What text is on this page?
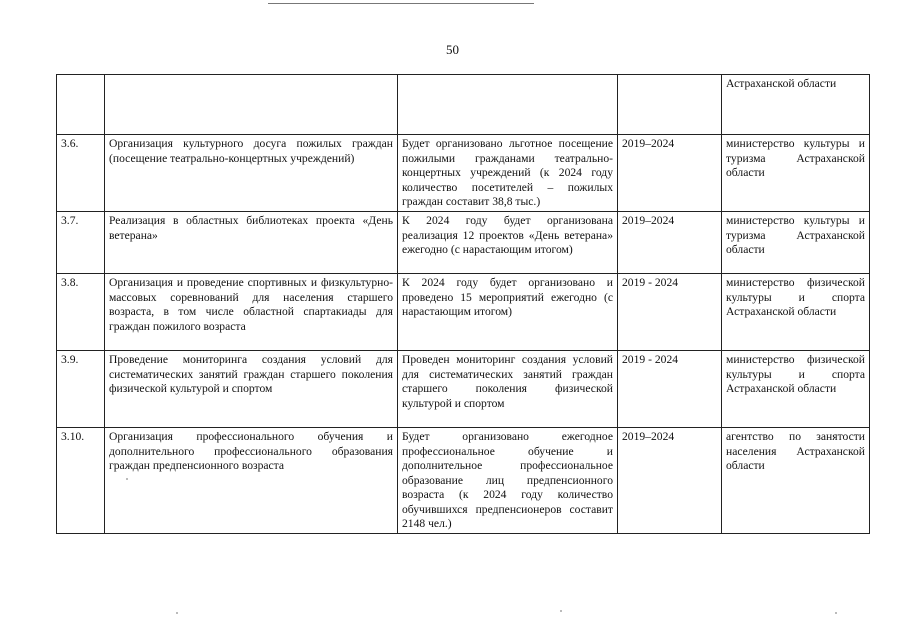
50
				Астраханской области
3.6.	Организация культурного досуга пожилых граждан (посещение театрально-концертных учреждений)	Будет организовано льготное посещение пожилыми гражданами театрально-концертных учреждений (к 2024 году количество посетителей – пожилых граждан составит 38,8 тыс.)	2019–2024	министерство культуры и туризма Астраханской области
3.7.	Реализация в областных библиотеках проекта «День ветерана»	К 2024 году будет организована реализация 12 проектов «День ветерана» ежегодно (с нарастающим итогом)	2019–2024	министерство культуры и туризма Астраханской области
3.8.	Организация и проведение спортивных и физкультурно-массовых соревнований для населения старшего возраста, в том числе областной спартакиады для граждан пожилого возраста	К 2024 году будет организовано и проведено 15 мероприятий ежегодно (с нарастающим итогом)	2019 - 2024	министерство физической культуры и спорта Астраханской области
3.9.	Проведение мониторинга создания условий для систематических занятий граждан старшего поколения физической культурой и спортом	Проведен мониторинг создания условий для систематических занятий граждан старшего поколения физической культурой и спортом	2019 - 2024	министерство физической культуры и спорта Астраханской области
3.10.	Организация профессионального обучения и дополнительного профессионального образования граждан предпенсионного возраста	Будет организовано ежегодное профессиональное обучение и дополнительное профессиональное образование лиц предпенсионного возраста (к 2024 году количество обучившихся предпенсионеров составит 2148 чел.)	2019–2024	агентство по занятости населения Астраханской области
